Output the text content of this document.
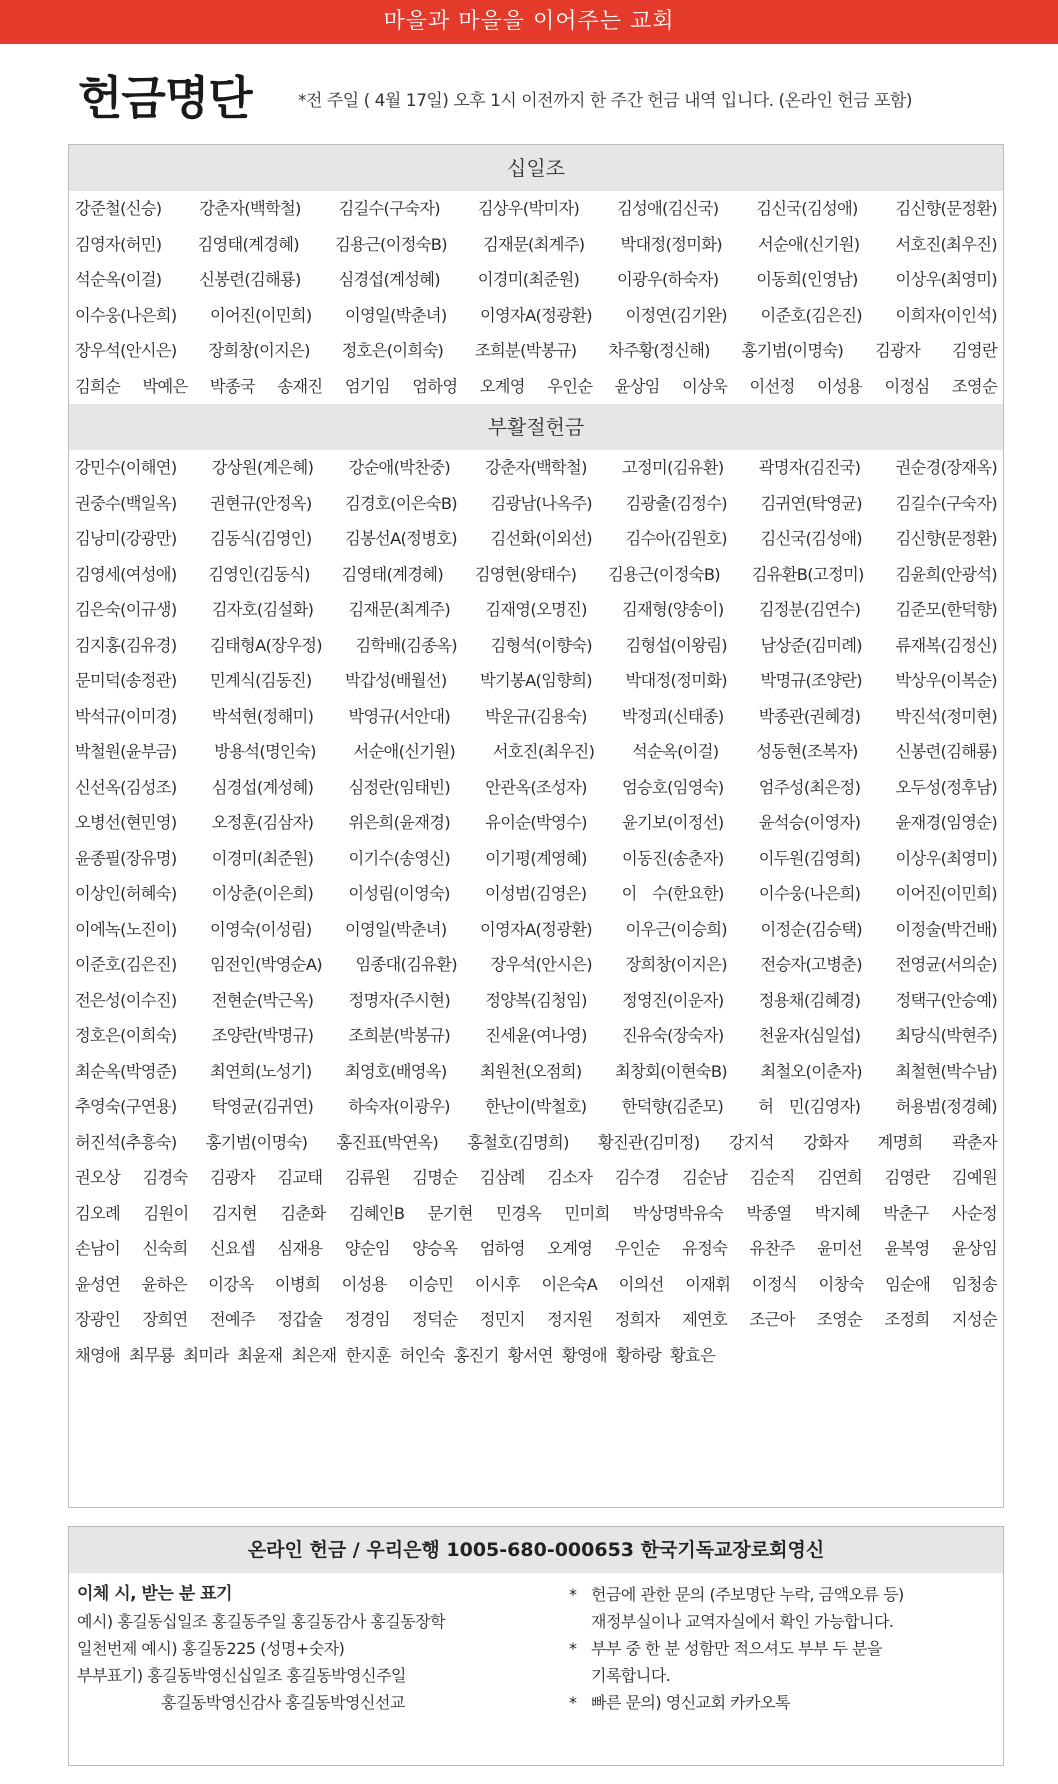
마을과 마을을 이어주는 교회
헌금명단	*전 주일 ( 4월 17일) 오후 1시 이전까지 한 주간 헌금 내역 입니다. (온라인 헌금 포함)
십일조
강준철(신승) 강춘자(백학철) 김길수(구숙자) 김상우(박미자) 김성애(김신국) 김신국(김성애) 김신향(문정환)
김영자(허민) 김영태(계경혜) 김용근(이정숙B) 김재문(최계주) 박대정(정미화) 서순애(신기원) 서호진(최우진)
석순옥(이걸) 신봉련(김해룡) 심경섭(계성혜) 이경미(최준원) 이광우(하숙자) 이동희(인영남) 이상우(최영미)
이수웅(나은희) 이어진(이민희) 이영일(박춘녀) 이영자A(정광환) 이정연(김기완) 이준호(김은진) 이희자(이인석)
장우석(안시은) 장희창(이지은) 정호은(이희숙) 조희분(박봉규) 차주황(정신해) 홍기범(이명숙) 김광자 김영란
김희순 박예은 박종국 송재진 엄기임 엄하영 오계영 우인순 윤상임 이상욱 이선정 이성용 이정심 조영순
부활절헌금
강민수(이해연) 강상원(계은혜) 강순애(박찬중) 강춘자(백학철) 고정미(김유환) 곽명자(김진국) 권순경(장재옥)
권중수(백일옥) 권현규(안정옥) 김경호(이은숙B) 김광남(나옥주) 김광출(김정수) 김귀연(탁영균) 김길수(구숙자)
김낭미(강광만) 김동식(김영인) 김봉선A(정병호) 김선화(이외선) 김수아(김원호) 김신국(김성애) 김신향(문정환)
김영세(여성애) 김영인(김동식) 김영태(계경혜) 김영현(왕태수) 김용근(이정숙B) 김유환B(고정미) 김윤희(안광석)
김은숙(이규생) 김자호(김설화) 김재문(최계주) 김재영(오명진) 김재형(양송이) 김정분(김연수) 김준모(한덕향)
김지홍(김유경) 김태형A(장우정) 김학배(김종옥) 김형석(이향숙) 김형섭(이왕림) 남상준(김미례) 류재복(김정신)
문미덕(송정관) 민계식(김동진) 박갑성(배월선) 박기봉A(임향희) 박대정(정미화) 박명규(조양란) 박상우(이복순)
박석규(이미경) 박석현(정해미) 박영규(서안대) 박운규(김용숙) 박정괴(신태종) 박종관(권혜경) 박진석(정미현)
박철원(윤부금) 방용석(명인숙) 서순애(신기원) 서호진(최우진) 석순옥(이걸) 성동현(조복자) 신봉련(김해룡)
신선옥(김성조) 심경섭(계성혜) 심정란(임태빈) 안관옥(조성자) 엄승호(임영숙) 엄주성(최은정) 오두성(정후남)
오병선(현민영) 오정훈(김삼자) 위은희(윤재경) 유이순(박영수) 윤기보(이정선) 윤석승(이영자) 윤재경(임영순)
윤종필(장유명) 이경미(최준원) 이기수(송영신) 이기평(계영혜) 이동진(송춘자) 이두원(김영희) 이상우(최영미)
이상인(허혜숙) 이상춘(이은희) 이성림(이영숙) 이성범(김영은) 이　수(한요한) 이수웅(나은희) 이어진(이민희)
이에녹(노진이) 이영숙(이성림) 이영일(박춘녀) 이영자A(정광환) 이우근(이승희) 이정순(김승택) 이정술(박건배)
이준호(김은진) 임전인(박영순A) 임종대(김유환) 장우석(안시은) 장희창(이지은) 전승자(고병춘) 전영균(서의순)
전은성(이수진) 전현순(박근옥) 정명자(주시현) 정양복(김청임) 정영진(이운자) 정용채(김혜경) 정택구(안승예)
정호은(이희숙) 조양란(박명규) 조희분(박봉규) 진세윤(여나영) 진유숙(장숙자) 천윤자(심일섭) 최당식(박현주)
최순옥(박영준) 최연희(노성기) 최영호(배영옥) 최원천(오점희) 최창회(이현숙B) 최철오(이춘자) 최철현(박수남)
추영숙(구연용) 탁영균(김귀연) 하숙자(이광우) 한난이(박철호) 한덕향(김준모) 허　민(김영자) 허용범(정경혜)
허진석(추흥숙) 홍기범(이명숙) 홍진표(박연옥) 홍철호(김명희) 황진관(김미정) 강지석 강화자 계명희 곽춘자
권오상 김경숙 김광자 김교태 김류원 김명순 김삼례 김소자 김수경 김순남 김순직 김연희 김영란 김예원
김오례 김원이 김지현 김춘화 김혜인B 문기현 민경옥 민미희 박상명박유숙 박종열 박지혜 박춘구 사순정
손남이 신숙희 신요셉 심재용 양순임 양승옥 엄하영 오계영 우인순 유정숙 유찬주 윤미선 윤복영 윤상임
윤성연 윤하은 이강옥 이병희 이성용 이승민 이시후 이은숙A 이의선 이재휘 이정식 이창숙 임순애 임청송
장광인 장희연 전예주 정갑술 정경임 정덕순 정민지 정지원 정희자 제연호 조근아 조영순 조정희 지성순
채영애 최무룡 최미라 최윤재 최은재 한지훈 허인숙 홍진기 황서연 황영애 황하랑 황효은
온라인 헌금 / 우리은행 1005-680-000653 한국기독교장로회영신
이체 시, 받는 분 표기
예시) 홍길동십일조 홍길동주일 홍길동감사 홍길동장학
일천번제 예시) 홍길동225 (성명+숫자)
부부표기) 홍길동박영신십일조 홍길동박영신주일
홍길동박영신감사 홍길동박영신선교
* 헌금에 관한 문의 (주보명단 누락, 금액오류 등)
재정부실이나 교역자실에서 확인 가능합니다.
* 부부 중 한 분 성함만 적으셔도 부부 두 분을
기록합니다.
* 빠른 문의) 영신교회 카카오톡
